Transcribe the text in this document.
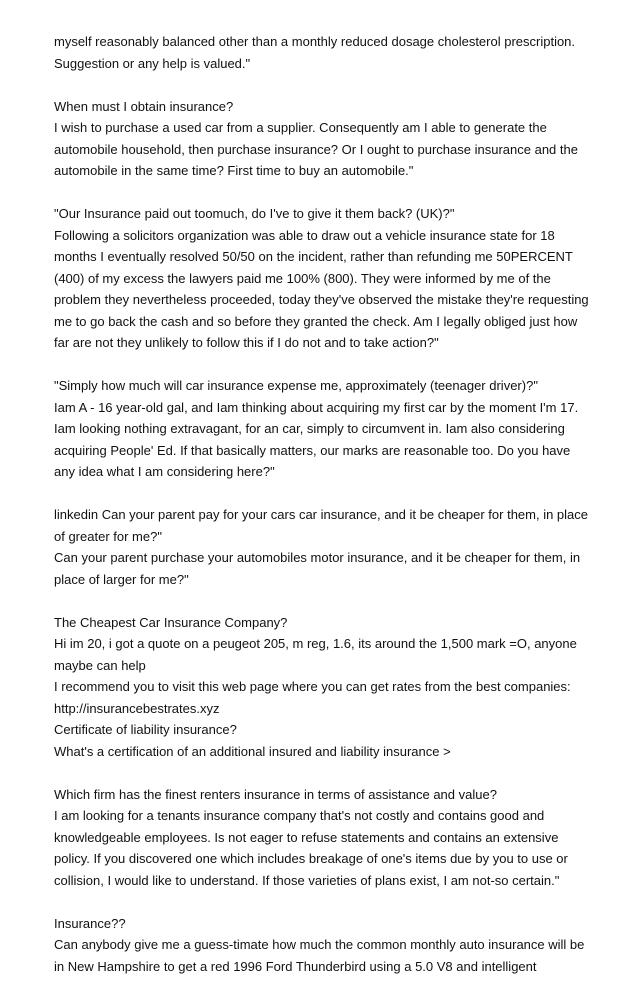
myself reasonably balanced other than a monthly reduced dosage cholesterol prescription.

Suggestion or any help is valued."

When must I obtain insurance?

I wish to purchase a used car from a supplier. Consequently am I able to generate the

automobile household, then purchase insurance? Or I ought to purchase insurance and the

automobile in the same time? First time to buy an automobile."

"Our Insurance paid out toomuch, do I've to give it them back? (UK)?"

Following a solicitors organization was able to draw out a vehicle insurance state for 18

months I eventually resolved 50/50 on the incident, rather than refunding me 50PERCENT

(400) of my excess the lawyers paid me 100% (800). They were informed by me of the

problem they nevertheless proceeded, today they've observed the mistake they're requesting

me to go back the cash and so before they granted the check. Am I legally obliged just how

far are not they unlikely to follow this if I do not and to take action?"

"Simply how much will car insurance expense me, approximately (teenager driver)?"

Iam A - 16 year-old gal, and Iam thinking about acquiring my first car by the moment I'm 17.

Iam looking nothing extravagant, for an car, simply to circumvent in. Iam also considering

acquiring People' Ed. If that basically matters, our marks are reasonable too. Do you have

any idea what I am considering here?"

linkedin Can your parent pay for your cars car insurance, and it be cheaper for them, in place

of greater for me?"

Can your parent purchase your automobiles motor insurance, and it be cheaper for them, in

place of larger for me?"

The Cheapest Car Insurance Company?

Hi im 20, i got a quote on a peugeot 205, m reg, 1.6, its around the 1,500 mark =O, anyone

maybe can help

I recommend you to visit this web page where you can get rates from the best companies:

http://insurancebestrates.xyz

Certificate of liability insurance?

What's a certification of an additional insured and liability insurance >

Which firm has the finest renters insurance in terms of assistance and value?

I am looking for a tenants insurance company that's not costly and contains good and

knowledgeable employees. Is not eager to refuse statements and contains an extensive

policy. If you discovered one which includes breakage of one's items due by you to use or

collision, I would like to understand. If those varieties of plans exist, I am not-so certain."

Insurance??

Can anybody give me a guess-timate how much the common monthly auto insurance will be

in New Hampshire to get a red 1996 Ford Thunderbird using a 5.0 V8 and intelligent
